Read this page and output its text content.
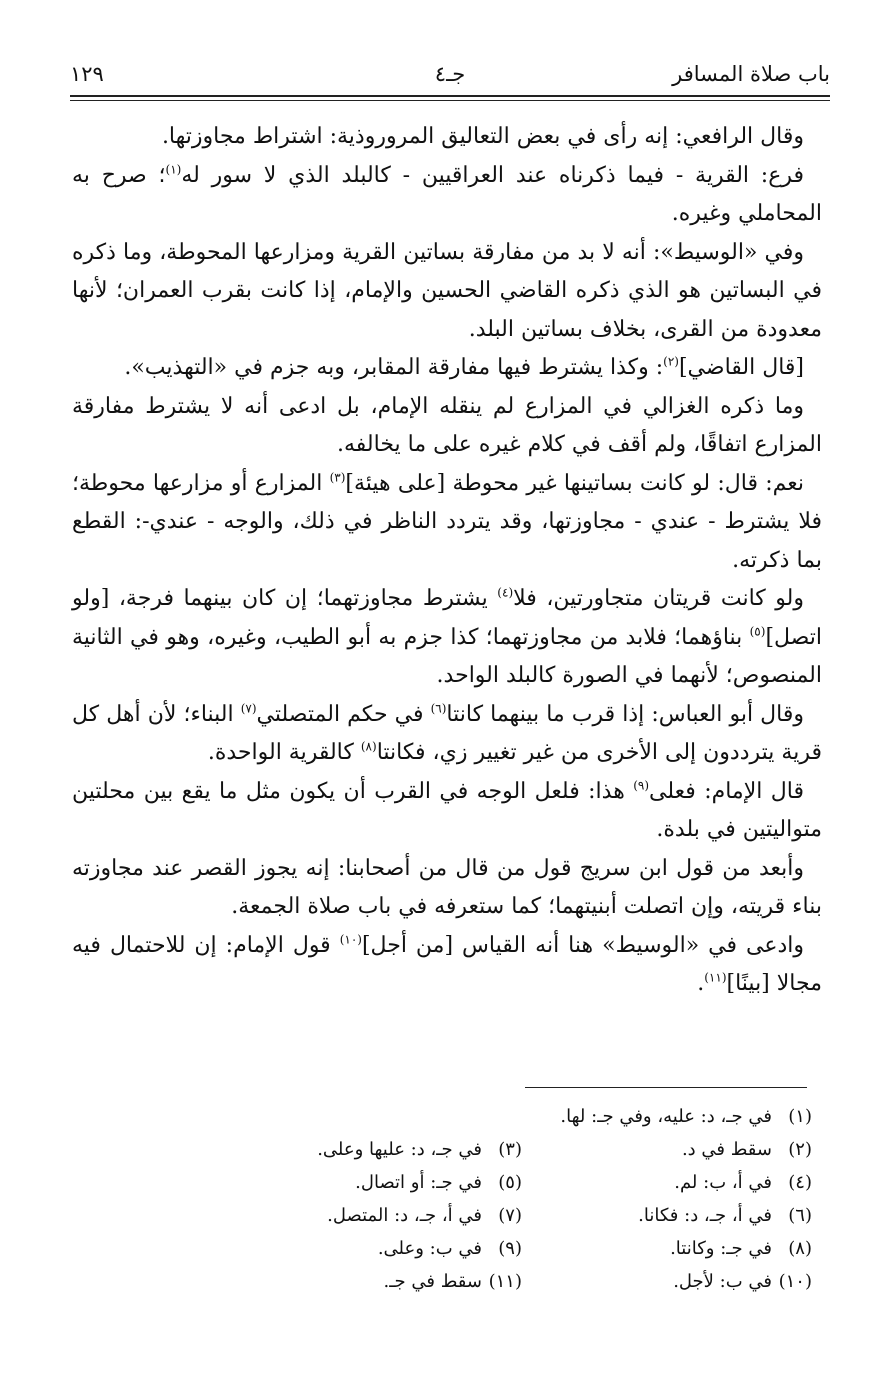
باب صلاة المسافر
جـ٤
١٢٩

وقال الرافعي: إنه رأى في بعض التعاليق المروروذية: اشتراط مجاوزتها.

فرع: القرية - فيما ذكرناه عند العراقيين - كالبلد الذي لا سور له$^{(١)}$؛ صرح به المحاملي وغيره.

وفي «الوسيط»: أنه لا بد من مفارقة بساتين القرية ومزارعها المحوطة، وما ذكره في البساتين هو الذي ذكره القاضي الحسين والإمام، إذا كانت بقرب العمران؛ لأنها معدودة من القرى، بخلاف بساتين البلد.

[قال القاضي]$^{(٢)}$: وكذا يشترط فيها مفارقة المقابر، وبه جزم في «التهذيب».

وما ذكره الغزالي في المزارع لم ينقله الإمام، بل ادعى أنه لا يشترط مفارقة المزارع اتفاقًا، ولم أقف في كلام غيره على ما يخالفه.

نعم: قال: لو كانت بساتينها غير محوطة [على هيئة]$^{(٣)}$ المزارع أو مزارعها محوطة؛ فلا يشترط - عندي - مجاوزتها، وقد يتردد الناظر في ذلك، والوجه - عندي-: القطع بما ذكرته.

ولو كانت قريتان متجاورتين، فلا$^{(٤)}$ يشترط مجاوزتهما؛ إن كان بينهما فرجة، [ولو اتصل]$^{(٥)}$ بناؤهما؛ فلابد من مجاوزتهما؛ كذا جزم به أبو الطيب، وغيره، وهو في الثانية المنصوص؛ لأنهما في الصورة كالبلد الواحد.

وقال أبو العباس: إذا قرب ما بينهما كانتا$^{(٦)}$ في حكم المتصلتي$^{(٧)}$ البناء؛ لأن أهل كل قرية يترددون إلى الأخرى من غير تغيير زي، فكانتا$^{(٨)}$ كالقرية الواحدة.

قال الإمام: فعلى$^{(٩)}$ هذا: فلعل الوجه في القرب أن يكون مثل ما يقع بين محلتين متواليتين في بلدة.

وأبعد من قول ابن سريج قول من قال من أصحابنا: إنه يجوز القصر عند مجاوزته بناء قريته، وإن اتصلت أبنيتهما؛ كما ستعرفه في باب صلاة الجمعة.

وادعى في «الوسيط» هنا أنه القياس [من أجل]$^{(١٠)}$ قول الإمام: إن للاحتمال فيه مجالا [بينًا]$^{(١١)}$.

(١)في جـ، د: عليه، وفي جـ: لها.
(٢)سقط في د.
(٣)في جـ، د: عليها وعلى.
(٤)في أ، ب: لم.
(٥)في جـ: أو اتصال.
(٦)في أ، جـ، د: فكانا.
(٧)في أ، جـ، د: المتصل.
(٨)في جـ: وكانتا.
(٩)في ب: وعلى.
(١٠)في ب: لأجل.
(١١)سقط في جـ.
